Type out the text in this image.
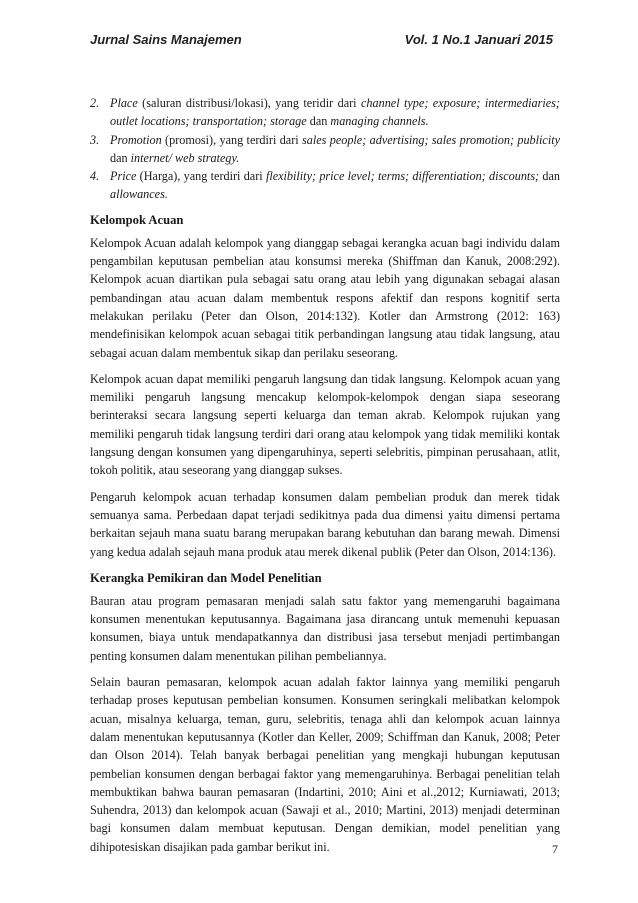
Jurnal Sains Manajemen	Vol. 1 No.1 Januari 2015
2. Place (saluran distribusi/lokasi), yang teridir dari channel type; exposure; intermediaries; outlet locations; transportation; storage dan managing channels.

3. Promotion (promosi), yang terdiri dari sales people; advertising; sales promotion; publicity dan internet/ web strategy.

4. Price (Harga), yang terdiri dari flexibility; price level; terms; differentiation; discounts; dan allowances.

Kelompok Acuan

Kelompok Acuan adalah kelompok yang dianggap sebagai kerangka acuan bagi individu dalam pengambilan keputusan pembelian atau konsumsi mereka (Shiffman dan Kanuk, 2008:292). Kelompok acuan diartikan pula sebagai satu orang atau lebih yang digunakan sebagai alasan pembandingan atau acuan dalam membentuk respons afektif dan respons kognitif serta melakukan perilaku (Peter dan Olson, 2014:132). Kotler dan Armstrong (2012: 163) mendefinisikan kelompok acuan sebagai titik perbandingan langsung atau tidak langsung, atau sebagai acuan dalam membentuk sikap dan perilaku seseorang.

Kelompok acuan dapat memiliki pengaruh langsung dan tidak langsung. Kelompok acuan yang memiliki pengaruh langsung mencakup kelompok-kelompok dengan siapa seseorang berinteraksi secara langsung seperti keluarga dan teman akrab. Kelompok rujukan yang memiliki pengaruh tidak langsung terdiri dari orang atau kelompok yang tidak memiliki kontak langsung dengan konsumen yang dipengaruhinya, seperti selebritis, pimpinan perusahaan, atlit, tokoh politik, atau seseorang yang dianggap sukses.

Pengaruh kelompok acuan terhadap konsumen dalam pembelian produk dan merek tidak semuanya sama. Perbedaan dapat terjadi sedikitnya pada dua dimensi yaitu dimensi pertama berkaitan sejauh mana suatu barang merupakan barang kebutuhan dan barang mewah. Dimensi yang kedua adalah sejauh mana produk atau merek dikenal publik (Peter dan Olson, 2014:136).

Kerangka Pemikiran dan Model Penelitian

Bauran atau program pemasaran menjadi salah satu faktor yang memengaruhi bagaimana konsumen menentukan keputusannya. Bagaimana jasa dirancang untuk memenuhi kepuasan konsumen, biaya untuk mendapatkannya dan distribusi jasa tersebut menjadi pertimbangan penting konsumen dalam menentukan pilihan pembeliannya.

Selain bauran pemasaran, kelompok acuan adalah faktor lainnya yang memiliki pengaruh terhadap proses keputusan pembelian konsumen. Konsumen seringkali melibatkan kelompok acuan, misalnya keluarga, teman, guru, selebritis, tenaga ahli dan kelompok acuan lainnya dalam menentukan keputusannya (Kotler dan Keller, 2009; Schiffman dan Kanuk, 2008; Peter dan Olson 2014). Telah banyak berbagai penelitian yang mengkaji hubungan keputusan pembelian konsumen dengan berbagai faktor yang memengaruhinya. Berbagai penelitian telah membuktikan bahwa bauran pemasaran (Indartini, 2010; Aini et al.,2012; Kurniawati, 2013; Suhendra, 2013) dan kelompok acuan (Sawaji et al., 2010; Martini, 2013) menjadi determinan bagi konsumen dalam membuat keputusan. Dengan demikian, model penelitian yang dihipotesiskan disajikan pada gambar berikut ini.	7
